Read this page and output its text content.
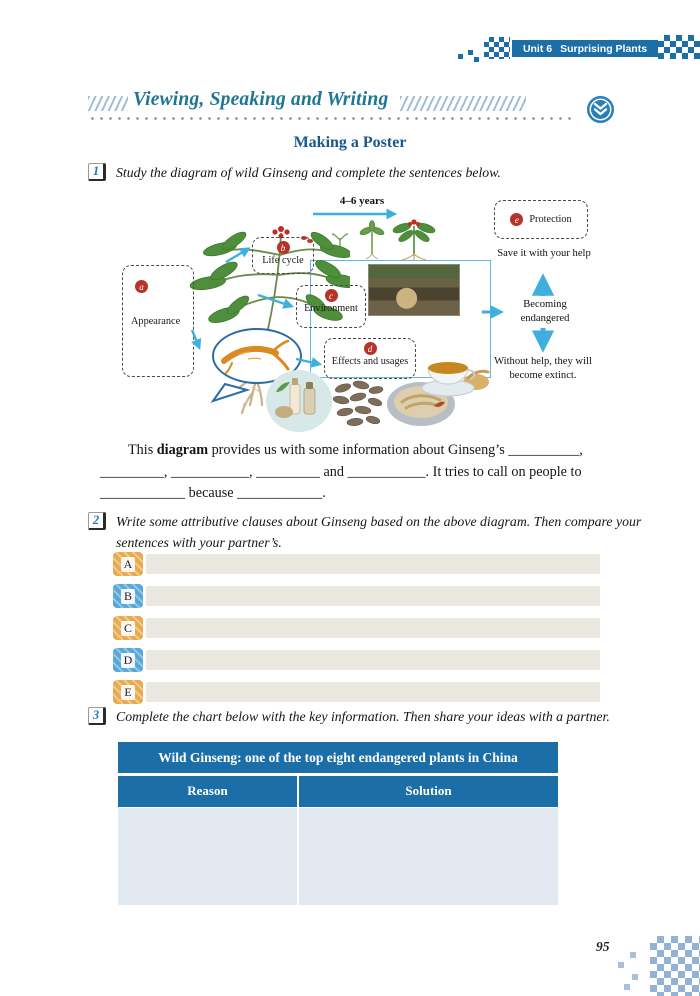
Unit 6 Surprising Plants
Viewing, Speaking and Writing
Making a Poster
1	Study the diagram of wild Ginseng and complete the sentences below.
4–6 years
a
Appearance
b
Life cycle
c
Environment
d
Effects and usages
e	Protection
Save it with your help
Becoming endangered
Without help, they will become extinct.
This diagram provides us with some information about Ginseng’s __________,
_________, ___________, _________ and ___________. It tries to call on people to
____________ because ____________.
2	Write some attributive clauses about Ginseng based on the above diagram. Then compare your sentences with your partner’s.
A
B
C
D
E
3	Complete the chart below with the key information. Then share your ideas with a partner.
Wild Ginseng: one of the top eight endangered plants in China
Reason	Solution
95
